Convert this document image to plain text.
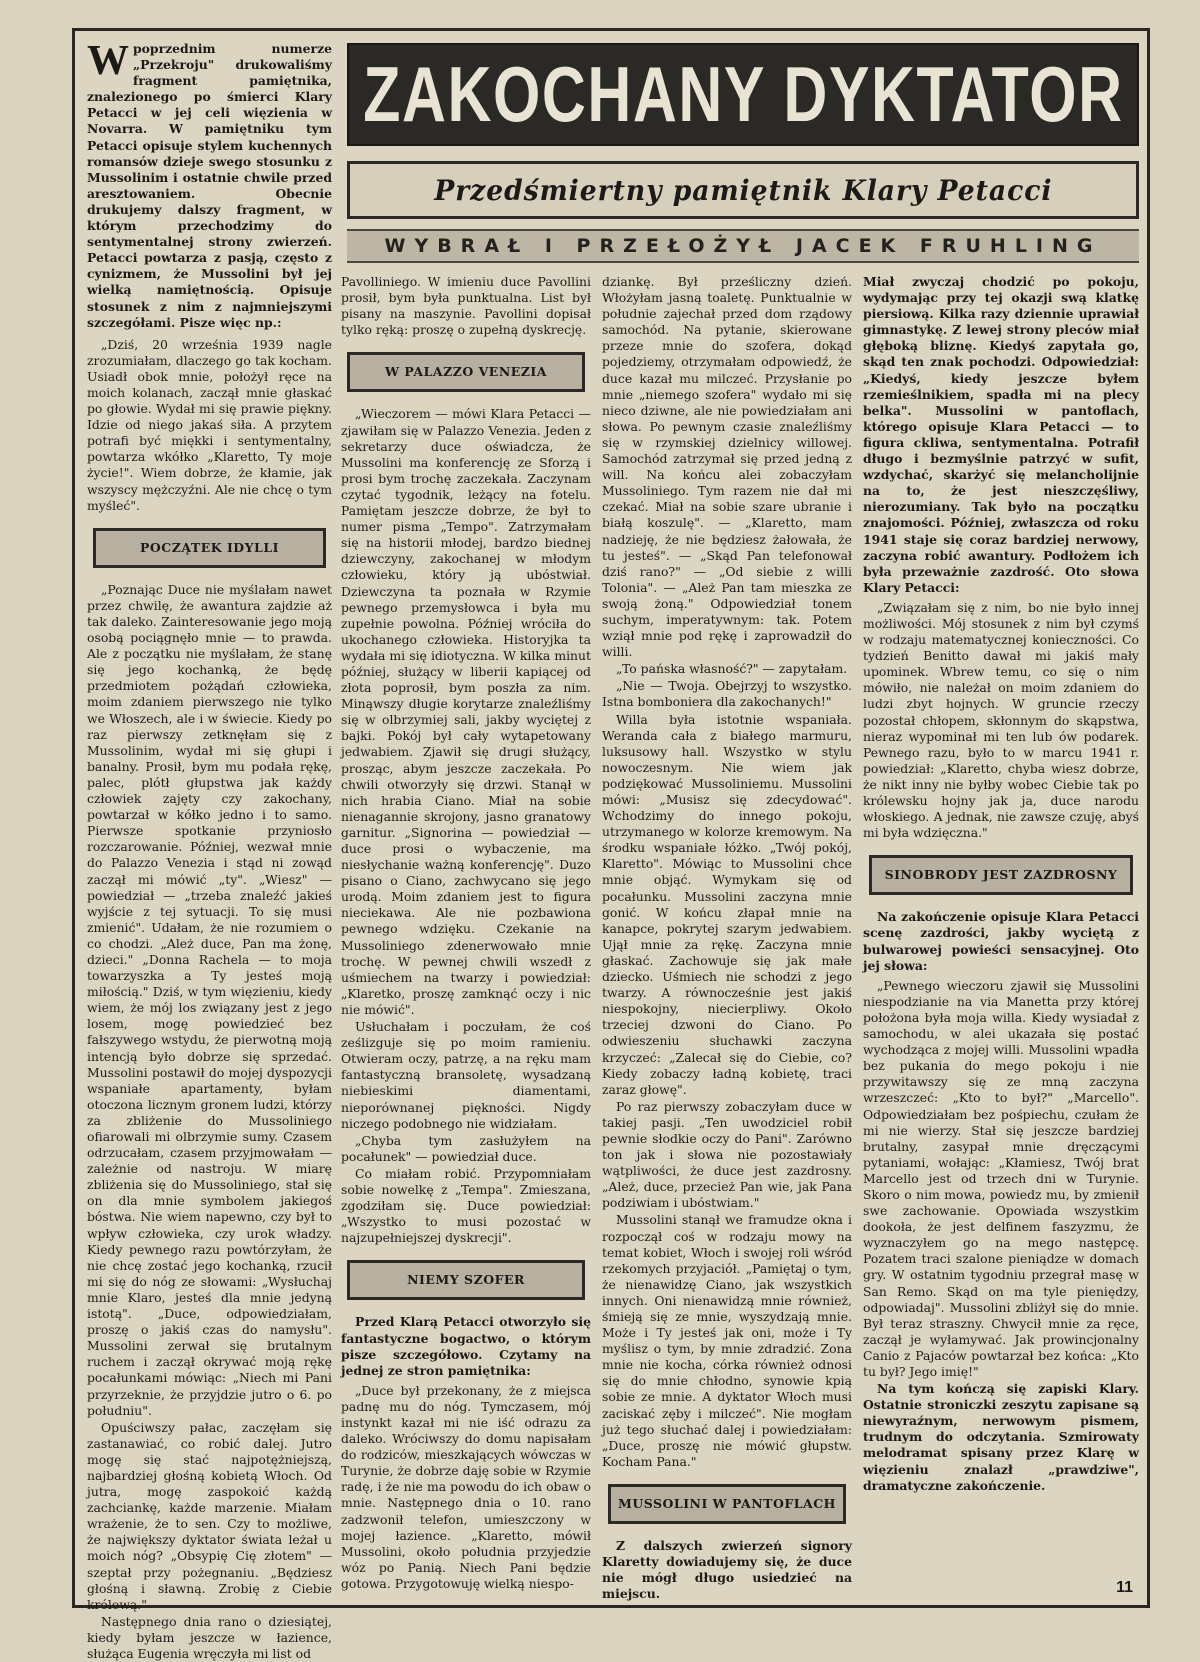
Wpoprzednim numerze „Przekroju" drukowaliśmy fragment pamiętnika, znalezionego po śmierci Klary Petacci w jej celi więzienia w Novarra. W pamiętniku tym Petacci opisuje stylem kuchennych romansów dzieje swego stosunku z Mussolinim i ostatnie chwile przed aresztowaniem. Obecnie drukujemy dalszy fragment, w którym przechodzimy do sentymentalnej strony zwierzeń. Petacci powtarza z pasją, często z cynizmem, że Mussolini był jej wielką namiętnością. Opisuje stosunek z nim z najmniejszymi szczegółami. Pisze więc np.:

„Dziś, 20 września 1939 nagle zrozumiałam, dlaczego go tak kocham. Usiadł obok mnie, położył ręce na moich kolanach, zaczął mnie głaskać po głowie. Wydał mi się prawie piękny. Idzie od niego jakaś siła. A przytem potrafi być miękki i sentymentalny, powtarza wkółko „Klaretto, Ty moje życie!". Wiem dobrze, że kłamie, jak wszyscy mężczyźni. Ale nie chcę o tym myśleć".

POCZĄTEK IDYLLI

„Poznając Duce nie myślałam nawet przez chwilę, że awantura zajdzie aż tak daleko. Zainteresowanie jego moją osobą pociągnęło mnie — to prawda. Ale z początku nie myślałam, że stanę się jego kochanką, że będę przedmiotem pożądań człowieka, moim zdaniem pierwszego nie tylko we Włoszech, ale i w świecie. Kiedy po raz pierwszy zetknęłam się z Mussolinim, wydał mi się głupi i banalny. Prosił, bym mu podała rękę, palec, plótł głupstwa jak każdy człowiek zajęty czy zakochany, powtarzał w kółko jedno i to samo. Pierwsze spotkanie przyniosło rozczarowanie. Później, wezwał mnie do Palazzo Venezia i stąd ni zowąd zaczął mi mówić „ty". „Wiesz" — powiedział — „trzeba znaleźć jakieś wyjście z tej sytuacji. To się musi zmienić". Udałam, że nie rozumiem o co chodzi. „Ależ duce, Pan ma żonę, dzieci." „Donna Rachela — to moja towarzyszka a Ty jesteś moją miłością." Dziś, w tym więzieniu, kiedy wiem, że mój los związany jest z jego losem, mogę powiedzieć bez fałszywego wstydu, że pierwotną moją intencją było dobrze się sprzedać. Mussolini postawił do mojej dyspozycji wspaniałe apartamenty, byłam otoczona licznym gronem ludzi, którzy za zbliżenie do Mussoliniego ofiarowali mi olbrzymie sumy. Czasem odrzucałam, czasem przyjmowałam — zależnie od nastroju. W miarę zbliżenia się do Mussoliniego, stał się on dla mnie symbolem jakiegoś bóstwa. Nie wiem napewno, czy był to wpływ człowieka, czy urok władzy. Kiedy pewnego razu powtórzyłam, że nie chcę zostać jego kochanką, rzucił mi się do nóg ze słowami: „Wysłuchaj mnie Klaro, jesteś dla mnie jedyną istotą". „Duce, odpowiedziałam, proszę o jakiś czas do namysłu". Mussolini zerwał się brutalnym ruchem i zaczął okrywać moją rękę pocałunkami mówiąc: „Niech mi Pani przyrzeknie, że przyjdzie jutro o 6. po południu".

Opuściwszy pałac, zaczęłam się zastanawiać, co robić dalej. Jutro mogę się stać najpotężniejszą, najbardziej głośną kobietą Włoch. Od jutra, mogę zaspokoić każdą zachciankę, każde marzenie. Miałam wrażenie, że to sen. Czy to możliwe, że największy dyktator świata leżał u moich nóg? „Obsypię Cię złotem" — szeptał przy pożegnaniu. „Będziesz głośną i sławną. Zrobię z Ciebie królową."

Następnego dnia rano o dziesiątej, kiedy byłam jeszcze w łazience, służąca Eugenia wręczyła mi list od

ZAKOCHANY DYKTATOR
Przedśmiertny pamiętnik Klary Petacci
WYBRAŁ I PRZEŁOŻYŁ JACEK FRUHLING

Pavolliniego. W imieniu duce Pavollini prosił, bym była punktualna. List był pisany na maszynie. Pavollini dopisał tylko ręką: proszę o zupełną dyskrecję.

W PALAZZO VENEZIA

„Wieczorem — mówi Klara Petacci — zjawiłam się w Palazzo Venezia. Jeden z sekretarzy duce oświadcza, że Mussolini ma konferencję ze Sforzą i prosi bym trochę zaczekała. Zaczynam czytać tygodnik, leżący na fotelu. Pamiętam jeszcze dobrze, że był to numer pisma „Tempo". Zatrzymałam się na historii młodej, bardzo biednej dziewczyny, zakochanej w młodym człowieku, który ją ubóstwiał. Dziewczyna ta poznała w Rzymie pewnego przemysłowca i była mu zupełnie powolna. Później wróciła do ukochanego człowieka. Historyjka ta wydała mi się idiotyczna. W kilka minut później, służący w liberii kapiącej od złota poprosił, bym poszła za nim. Minąwszy długie korytarze znaleźliśmy się w olbrzymiej sali, jakby wyciętej z bajki. Pokój był cały wytapetowany jedwabiem. Zjawił się drugi służący, prosząc, abym jeszcze zaczekała. Po chwili otworzyły się drzwi. Stanął w nich hrabia Ciano. Miał na sobie nienagannie skrojony, jasno granatowy garnitur. „Signorina — powiedział — duce prosi o wybaczenie, ma niesłychanie ważną konferencję". Duzo pisano o Ciano, zachwycano się jego urodą. Moim zdaniem jest to figura nieciekawa. Ale nie pozbawiona pewnego wdzięku. Czekanie na Mussoliniego zdenerwowało mnie trochę. W pewnej chwili wszedł z uśmiechem na twarzy i powiedział: „Klaretko, proszę zamknąć oczy i nic nie mówić".

Usłuchałam i poczułam, że coś ześlizguje się po moim ramieniu. Otwieram oczy, patrzę, a na ręku mam fantastyczną bransoletę, wysadzaną niebieskimi diamentami, nieporównanej piękności. Nigdy niczego podobnego nie widziałam.

„Chyba tym zasłużyłem na pocałunek" — powiedział duce.

Co miałam robić. Przypomniałam sobie nowelkę z „Tempa". Zmieszana, zgodziłam się. Duce powiedział: „Wszystko to musi pozostać w najzupełniejszej dyskrecji".

NIEMY SZOFER

Przed Klarą Petacci otworzyło się fantastyczne bogactwo, o którym pisze szczegółowo. Czytamy na jednej ze stron pamiętnika:

„Duce był przekonany, że z miejsca padnę mu do nóg. Tymczasem, mój instynkt kazał mi nie iść odrazu za daleko. Wróciwszy do domu napisałam do rodziców, mieszkających wówczas w Turynie, że dobrze daję sobie w Rzymie radę, i że nie ma powodu do ich obaw o mnie. Następnego dnia o 10. rano zadzwonił telefon, umieszczony w mojej łazience. „Klaretto, mówił Mussolini, około południa przyjedzie wóz po Panią. Niech Pani będzie gotowa. Przygotowuję wielką niespo-

dziankę. Był prześliczny dzień. Włożyłam jasną toaletę. Punktualnie w południe zajechał przed dom rządowy samochód. Na pytanie, skierowane przeze mnie do szofera, dokąd pojedziemy, otrzymałam odpowiedź, że duce kazał mu milczeć. Przysłanie po mnie „niemego szofera" wydało mi się nieco dziwne, ale nie powiedziałam ani słowa. Po pewnym czasie znaleźliśmy się w rzymskiej dzielnicy willowej. Samochód zatrzymał się przed jedną z will. Na końcu alei zobaczyłam Mussoliniego. Tym razem nie dał mi czekać. Miał na sobie szare ubranie i białą koszulę". — „Klaretto, mam nadzieję, że nie będziesz żałowała, że tu jesteś". — „Skąd Pan telefonował dziś rano?" — „Od siebie z willi Tolonia". — „Ależ Pan tam mieszka ze swoją żoną." Odpowiedział tonem suchym, imperatywnym: tak. Potem wziął mnie pod rękę i zaprowadził do willi.

„To pańska własność?" — zapytałam.

„Nie — Twoja. Obejrzyj to wszystko. Istna bomboniera dla zakochanych!"

Willa była istotnie wspaniała. Weranda cała z białego marmuru, luksusowy hall. Wszystko w stylu nowoczesnym. Nie wiem jak podziękować Mussoliniemu. Mussolini mówi: „Musisz się zdecydować". Wchodzimy do innego pokoju, utrzymanego w kolorze kremowym. Na środku wspaniałe łóżko. „Twój pokój, Klaretto". Mówiąc to Mussolini chce mnie objąć. Wymykam się od pocałunku. Mussolini zaczyna mnie gonić. W końcu złapał mnie na kanapce, pokrytej szarym jedwabiem. Ujął mnie za rękę. Zaczyna mnie głaskać. Zachowuje się jak małe dziecko. Uśmiech nie schodzi z jego twarzy. A równocześnie jest jakiś niespokojny, niecierpliwy. Około trzeciej dzwoni do Ciano. Po odwieszeniu słuchawki zaczyna krzyczeć: „Zalecał się do Ciebie, co? Kiedy zobaczy ładną kobietę, traci zaraz głowę".

Po raz pierwszy zobaczyłam duce w takiej pasji. „Ten uwodziciel robił pewnie słodkie oczy do Pani". Zarówno ton jak i słowa nie pozostawiały wątpliwości, że duce jest zazdrosny. „Ależ, duce, przecież Pan wie, jak Pana podziwiam i ubóstwiam."

Mussolini stanął we framudze okna i rozpoczął coś w rodzaju mowy na temat kobiet, Włoch i swojej roli wśród rzekomych przyjaciół. „Pamiętaj o tym, że nienawidzę Ciano, jak wszystkich innych. Oni nienawidzą mnie również, śmieją się ze mnie, wyszydzają mnie. Może i Ty jesteś jak oni, może i Ty myślisz o tym, by mnie zdradzić. Zona mnie nie kocha, córka również odnosi się do mnie chłodno, synowie kpią sobie ze mnie. A dyktator Włoch musi zaciskać zęby i milczeć". Nie mogłam już tego słuchać dalej i powiedziałam: „Duce, proszę nie mówić głupstw. Kocham Pana."

MUSSOLINI W PANTOFLACH

Z dalszych zwierzeń signory Klaretty dowiadujemy się, że duce nie mógł długo usiedzieć na miejscu.

Miał zwyczaj chodzić po pokoju, wydymając przy tej okazji swą klatkę piersiową. Kilka razy dziennie uprawiał gimnastykę. Z lewej strony pleców miał głęboką bliznę. Kiedyś zapytała go, skąd ten znak pochodzi. Odpowiedział: „Kiedyś, kiedy jeszcze byłem rzemieślnikiem, spadła mi na plecy belka". Mussolini w pantoflach, którego opisuje Klara Petacci — to figura ckliwa, sentymentalna. Potrafił długo i bezmyślnie patrzyć w sufit, wzdychać, skarżyć się melancholijnie na to, że jest nieszczęśliwy, nierozumiany. Tak było na początku znajomości. Później, zwłaszcza od roku 1941 staje się coraz bardziej nerwowy, zaczyna robić awantury. Podłożem ich była przeważnie zazdrość. Oto słowa Klary Petacci:

„Związałam się z nim, bo nie było innej możliwości. Mój stosunek z nim był czymś w rodzaju matematycznej konieczności. Co tydzień Benitto dawał mi jakiś mały upominek. Wbrew temu, co się o nim mówiło, nie należał on moim zdaniem do ludzi zbyt hojnych. W gruncie rzeczy pozostał chłopem, skłonnym do skąpstwa, nieraz wypominał mi ten lub ów podarek. Pewnego razu, było to w marcu 1941 r. powiedział: „Klaretto, chyba wiesz dobrze, że nikt inny nie byłby wobec Ciebie tak po królewsku hojny jak ja, duce narodu włoskiego. A jednak, nie zawsze czuję, abyś mi była wdzięczna."

SINOBRODY JEST ZAZDROSNY

Na zakończenie opisuje Klara Petacci scenę zazdrości, jakby wyciętą z bulwarowej powieści sensacyjnej. Oto jej słowa:

„Pewnego wieczoru zjawił się Mussolini niespodzianie na via Manetta przy której położona była moja willa. Kiedy wysiadał z samochodu, w alei ukazała się postać wychodząca z mojej willi. Mussolini wpadła bez pukania do mego pokoju i nie przywitawszy się ze mną zaczyna wrzeszczeć: „Kto to był?" „Marcello". Odpowiedziałam bez pośpiechu, czułam że mi nie wierzy. Stał się jeszcze bardziej brutalny, zasypał mnie dręczącymi pytaniami, wołając: „Kłamiesz, Twój brat Marcello jest od trzech dni w Turynie. Skoro o nim mowa, powiedz mu, by zmienił swe zachowanie. Opowiada wszystkim dookoła, że jest delfinem faszyzmu, że wyznaczyłem go na mego następcę. Pozatem traci szalone pieniądze w domach gry. W ostatnim tygodniu przegrał masę w San Remo. Skąd on ma tyle pieniędzy, odpowiadaj". Mussolini zbliżył się do mnie. Był teraz straszny. Chwycił mnie za ręce, zaczął je wyłamywać. Jak prowincjonalny Canio z Pajaców powtarzał bez końca: „Kto tu był? Jego imię!"

Na tym kończą się zapiski Klary. Ostatnie stroniczki zeszytu zapisane są niewyraźnym, nerwowym pismem, trudnym do odczytania. Szmirowaty melodramat spisany przez Klarę w więzieniu znalazł „prawdziwe", dramatyczne zakończenie.

11
